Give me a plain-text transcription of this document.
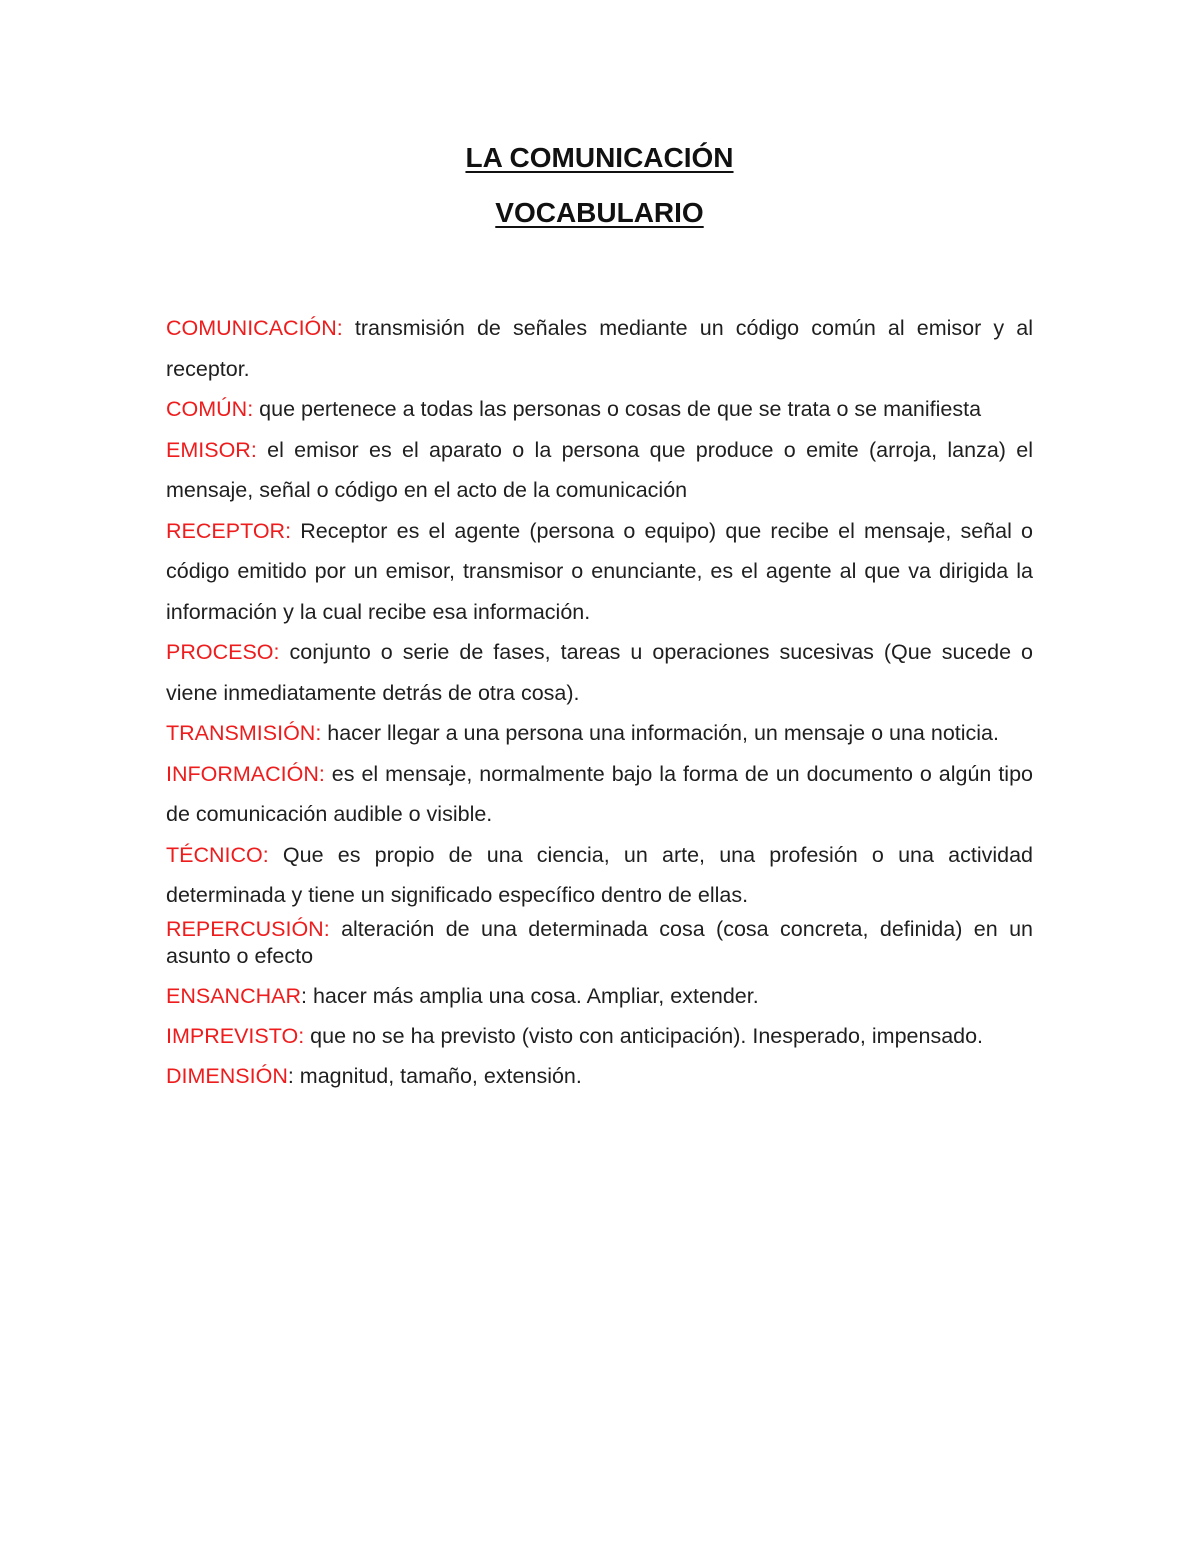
LA COMUNICACIÓN
VOCABULARIO

COMUNICACIÓN: transmisión de señales mediante un código común al emisor y al receptor.

COMÚN: que pertenece a todas las personas o cosas de que se trata o se manifiesta

EMISOR: el emisor es el aparato o la persona que produce o emite (arroja, lanza) el mensaje, señal o código en el acto de la comunicación

RECEPTOR: Receptor es el agente (persona o equipo) que recibe el mensaje, señal o código emitido por un emisor, transmisor o enunciante, es el agente al que va dirigida la información y la cual recibe esa información.

PROCESO: conjunto o serie de fases, tareas u operaciones sucesivas (Que sucede o viene inmediatamente detrás de otra cosa).

TRANSMISIÓN: hacer llegar a una persona una información, un mensaje o una noticia.

INFORMACIÓN: es el mensaje, normalmente bajo la forma de un documento o algún tipo de comunicación audible o visible.

TÉCNICO: Que es propio de una ciencia, un arte, una profesión o una actividad determinada y tiene un significado específico dentro de ellas.

REPERCUSIÓN: alteración de una determinada cosa (cosa concreta, definida) en un asunto o efecto

ENSANCHAR: hacer más amplia una cosa. Ampliar, extender.

IMPREVISTO: que no se ha previsto (visto con anticipación). Inesperado, impensado.

DIMENSIÓN: magnitud, tamaño, extensión.
